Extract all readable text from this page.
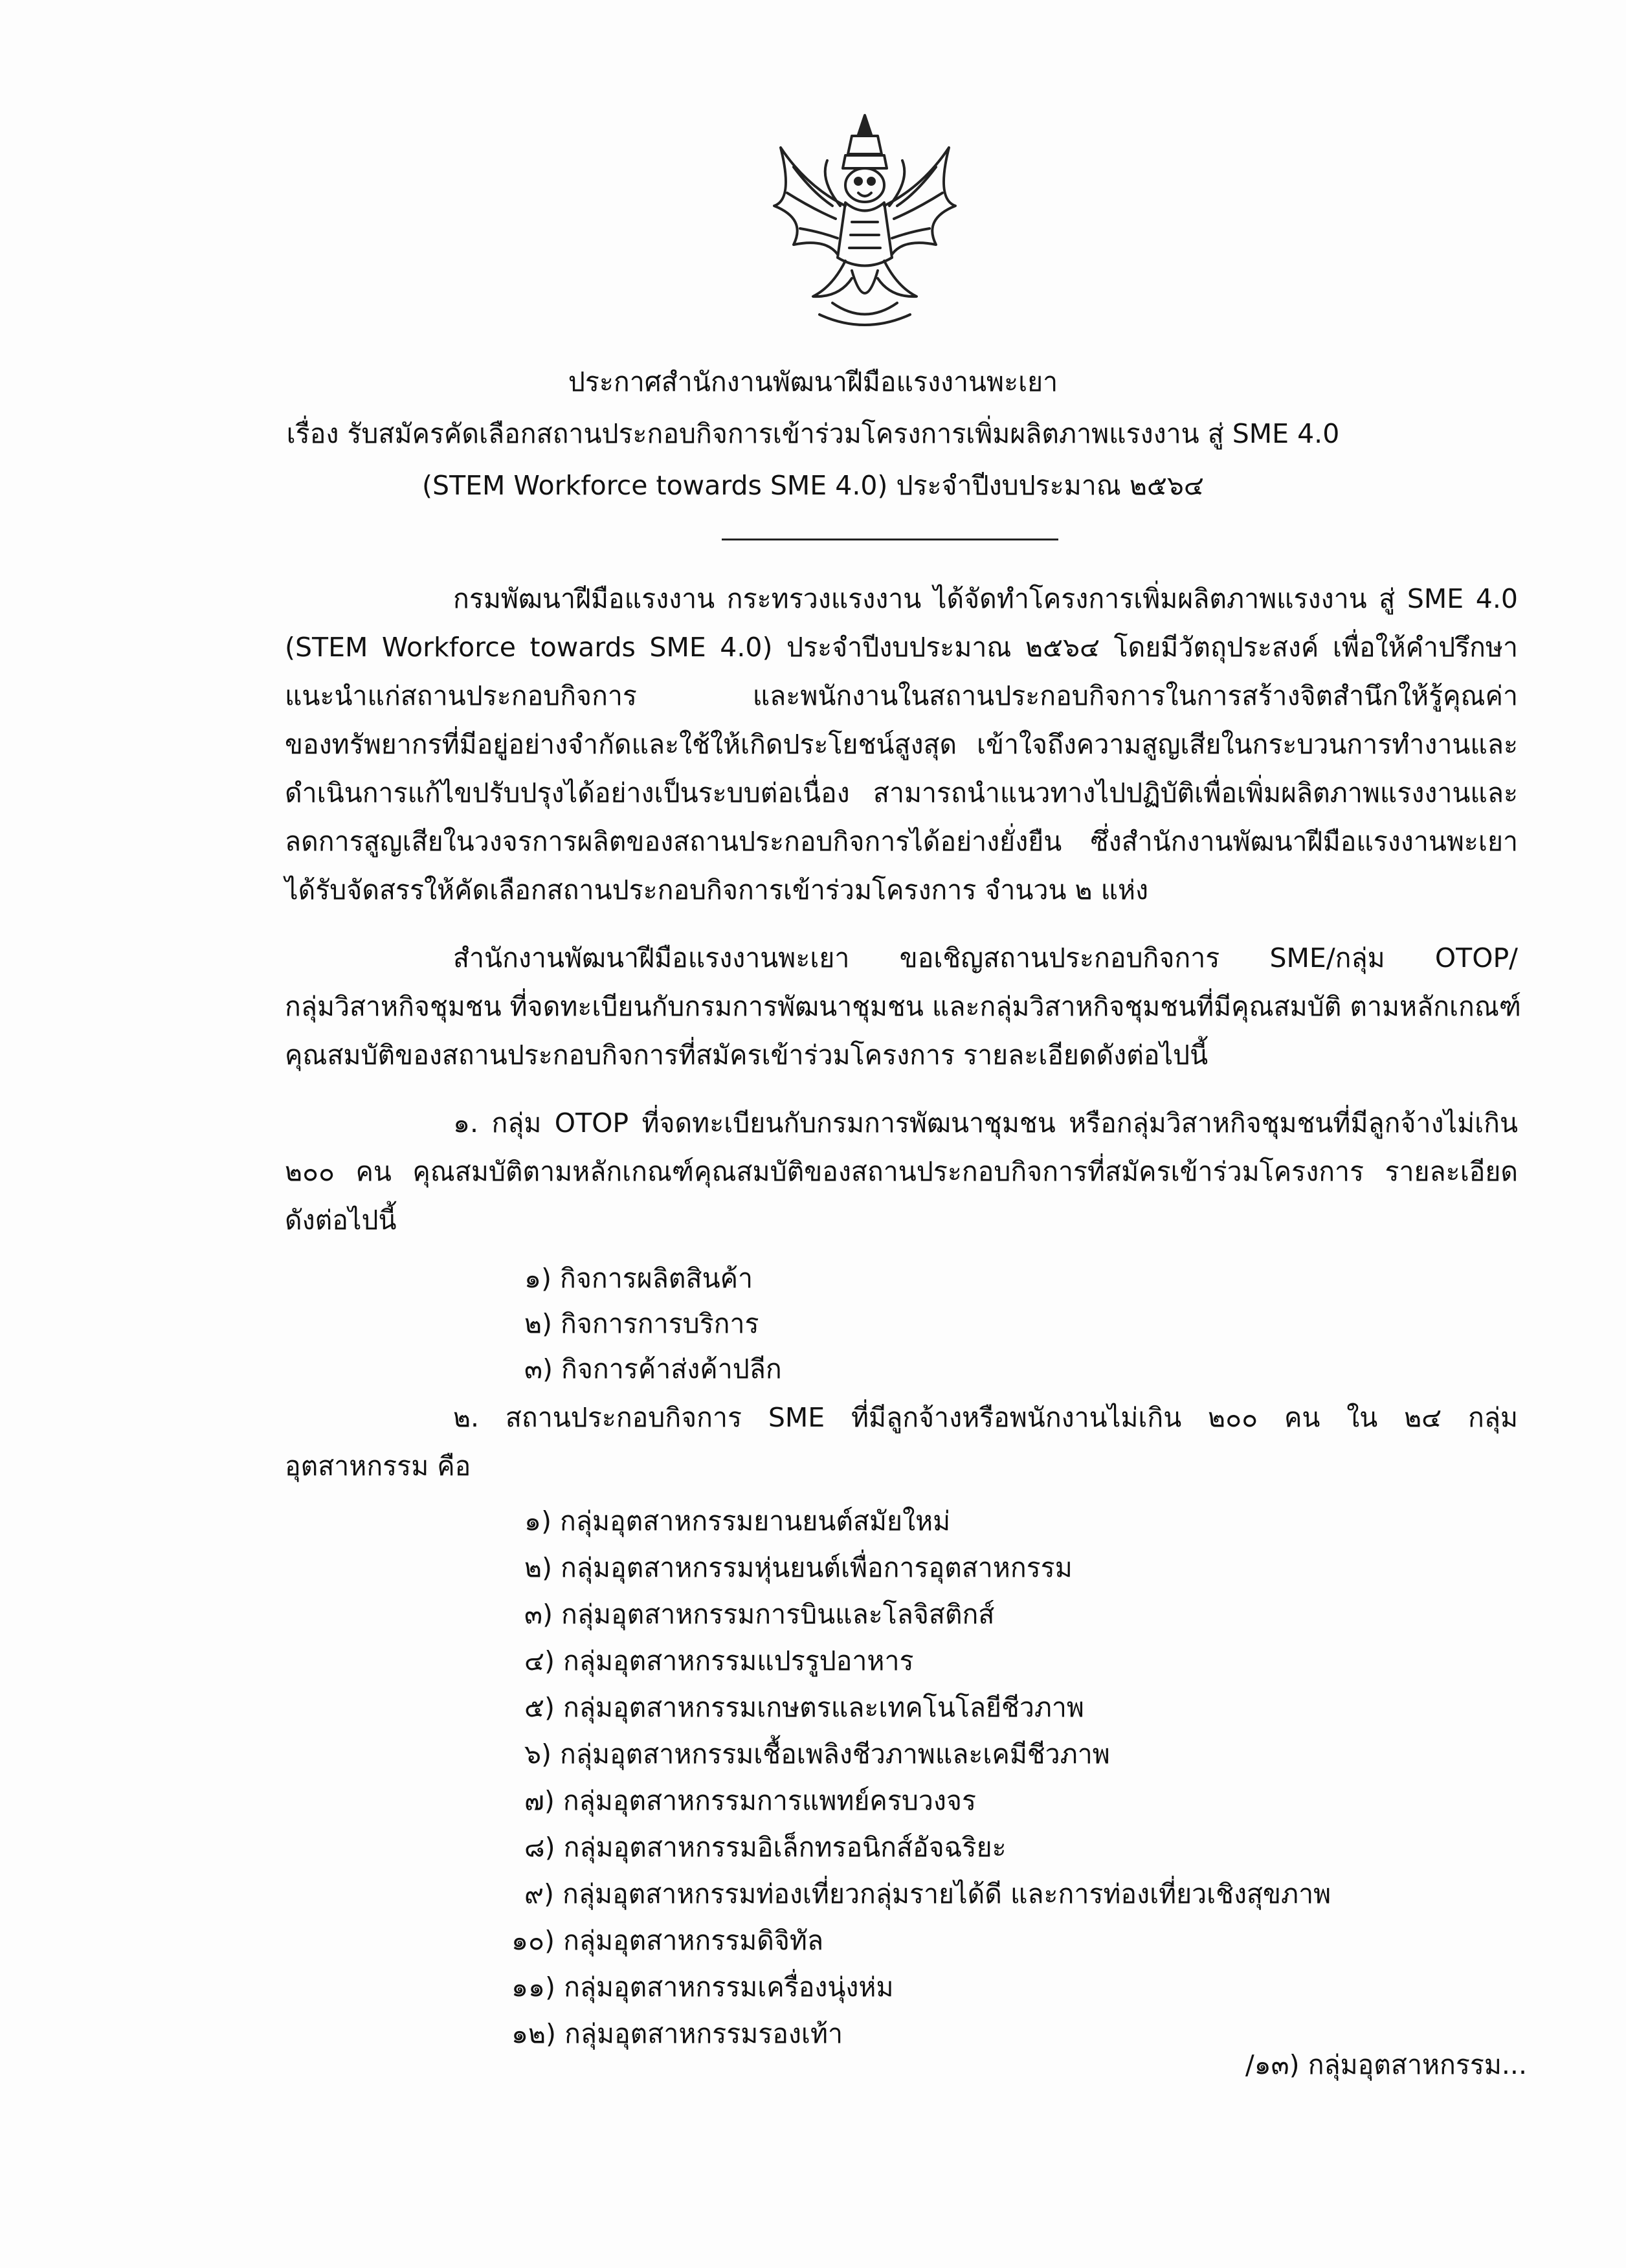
ประกาศสำนักงานพัฒนาฝีมือแรงงานพะเยา
เรื่อง รับสมัครคัดเลือกสถานประกอบกิจการเข้าร่วมโครงการเพิ่มผลิตภาพแรงงาน สู่ SME 4.0
(STEM Workforce towards SME 4.0) ประจำปีงบประมาณ ๒๕๖๔
กรมพัฒนาฝีมือแรงงาน กระทรวงแรงงาน ได้จัดทำโครงการเพิ่มผลิตภาพแรงงาน สู่ SME 4.0
(STEM Workforce towards SME 4.0) ประจำปีงบประมาณ ๒๕๖๔ โดยมีวัตถุประสงค์ เพื่อให้คำปรึกษา
แนะนำแก่สถานประกอบกิจการ และพนักงานในสถานประกอบกิจการในการสร้างจิตสำนึกให้รู้คุณค่า
ของทรัพยากรที่มีอยู่อย่างจำกัดและใช้ให้เกิดประโยชน์สูงสุด เข้าใจถึงความสูญเสียในกระบวนการทำงานและ
ดำเนินการแก้ไขปรับปรุงได้อย่างเป็นระบบต่อเนื่อง สามารถนำแนวทางไปปฏิบัติเพื่อเพิ่มผลิตภาพแรงงานและ
ลดการสูญเสียในวงจรการผลิตของสถานประกอบกิจการได้อย่างยั่งยืน ซึ่งสำนักงานพัฒนาฝีมือแรงงานพะเยา
ได้รับจัดสรรให้คัดเลือกสถานประกอบกิจการเข้าร่วมโครงการ จำนวน ๒ แห่ง
สำนักงานพัฒนาฝีมือแรงงานพะเยา ขอเชิญสถานประกอบกิจการ SME/กลุ่ม OTOP/
กลุ่มวิสาหกิจชุมชน ที่จดทะเบียนกับกรมการพัฒนาชุมชน และกลุ่มวิสาหกิจชุมชนที่มีคุณสมบัติ ตามหลักเกณฑ์
คุณสมบัติของสถานประกอบกิจการที่สมัครเข้าร่วมโครงการ รายละเอียดดังต่อไปนี้
๑. กลุ่ม OTOP ที่จดทะเบียนกับกรมการพัฒนาชุมชน หรือกลุ่มวิสาหกิจชุมชนที่มีลูกจ้างไม่เกิน
๒๐๐ คน คุณสมบัติตามหลักเกณฑ์คุณสมบัติของสถานประกอบกิจการที่สมัครเข้าร่วมโครงการ รายละเอียด
ดังต่อไปนี้
๑) กิจการผลิตสินค้า
๒) กิจการการบริการ
๓) กิจการค้าส่งค้าปลีก
๒. สถานประกอบกิจการ SME ที่มีลูกจ้างหรือพนักงานไม่เกิน ๒๐๐ คน ใน ๒๔ กลุ่ม
อุตสาหกรรม คือ
๑) กลุ่มอุตสาหกรรมยานยนต์สมัยใหม่
๒) กลุ่มอุตสาหกรรมหุ่นยนต์เพื่อการอุตสาหกรรม
๓) กลุ่มอุตสาหกรรมการบินและโลจิสติกส์
๔) กลุ่มอุตสาหกรรมแปรรูปอาหาร
๕) กลุ่มอุตสาหกรรมเกษตรและเทคโนโลยีชีวภาพ
๖) กลุ่มอุตสาหกรรมเชื้อเพลิงชีวภาพและเคมีชีวภาพ
๗) กลุ่มอุตสาหกรรมการแพทย์ครบวงจร
๘) กลุ่มอุตสาหกรรมอิเล็กทรอนิกส์อัจฉริยะ
๙) กลุ่มอุตสาหกรรมท่องเที่ยวกลุ่มรายได้ดี และการท่องเที่ยวเชิงสุขภาพ
๑๐) กลุ่มอุตสาหกรรมดิจิทัล
๑๑) กลุ่มอุตสาหกรรมเครื่องนุ่งห่ม
๑๒) กลุ่มอุตสาหกรรมรองเท้า
/๑๓) กลุ่มอุตสาหกรรม...
